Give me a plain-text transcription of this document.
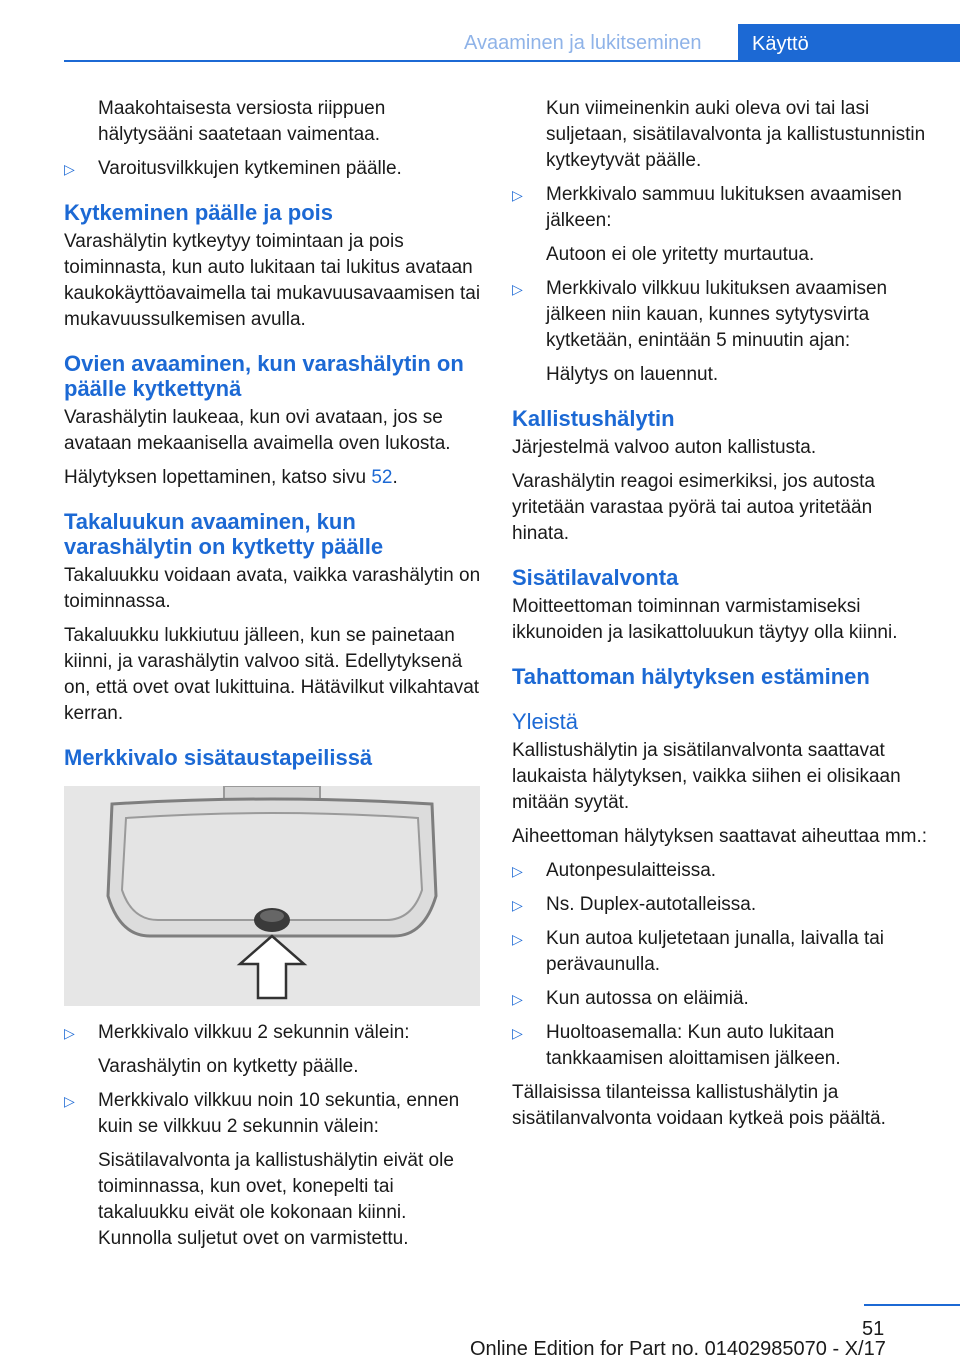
Avaaminen ja lukitseminen	Käyttö

Maakohtaisesta versiosta riippuen hälytysääni saatetaan vaimentaa.

▷	Varoitusvilkkujen kytkeminen päälle.
Kytkeminen päälle ja pois

Varashälytin kytkeytyy toimintaan ja pois toiminnasta, kun auto lukitaan tai lukitus avataan kaukokäyttöavaimella tai mukavuusavaamisen tai mukavuussulkemisen avulla.

Ovien avaaminen, kun varashälytin on päälle kytkettynä

Varashälytin laukeaa, kun ovi avataan, jos se avataan mekaanisella avaimella oven lukosta.

Hälytyksen lopettaminen, katso sivu 52.

Takaluukun avaaminen, kun varashälytin on kytketty päälle

Takaluukku voidaan avata, vaikka varashälytin on toiminnassa.

Takaluukku lukkiutuu jälleen, kun se painetaan kiinni, ja varashälytin valvoo sitä. Edellytyksenä on, että ovet ovat lukittuina. Hätävilkut vilkahtavat kerran.

Merkkivalo sisätaustapeilissä
▷	Merkkivalo vilkkuu 2 sekunnin välein:

Varashälytin on kytketty päälle.

▷	Merkkivalo vilkkuu noin 10 sekuntia, ennen kuin se vilkkuu 2 sekunnin välein:

Sisätilavalvonta ja kallistushälytin eivät ole toiminnassa, kun ovet, konepelti tai takaluukku eivät ole kokonaan kiinni. Kunnolla suljetut ovet on varmistettu.

Kun viimeinenkin auki oleva ovi tai lasi suljetaan, sisätilavalvonta ja kallistustunnistin kytkeytyvät päälle.

▷	Merkkivalo sammuu lukituksen avaamisen jälkeen:

Autoon ei ole yritetty murtautua.

▷	Merkkivalo vilkkuu lukituksen avaamisen jälkeen niin kauan, kunnes sytytysvirta kytketään, enintään 5 minuutin ajan:

Hälytys on lauennut.

Kallistushälytin

Järjestelmä valvoo auton kallistusta.

Varashälytin reagoi esimerkiksi, jos autosta yritetään varastaa pyörä tai autoa yritetään hinata.

Sisätilavalvonta

Moitteettoman toiminnan varmistamiseksi ikkunoiden ja lasikattoluukun täytyy olla kiinni.

Tahattoman hälytyksen estäminen
Yleistä

Kallistushälytin ja sisätilanvalvonta saattavat laukaista hälytyksen, vaikka siihen ei olisikaan mitään syytät.

Aiheettoman hälytyksen saattavat aiheuttaa mm.:

▷	Autonpesulaitteissa.
▷	Ns. Duplex-autotalleissa.
▷	Kun autoa kuljetetaan junalla, laivalla tai perävaunulla.
▷	Kun autossa on eläimiä.
▷	Huoltoasemalla: Kun auto lukitaan tankkaamisen aloittamisen jälkeen.

Tällaisissa tilanteissa kallistushälytin ja sisätilanvalvonta voidaan kytkeä pois päältä.

51
Online Edition for Part no. 01402985070 - X/17
